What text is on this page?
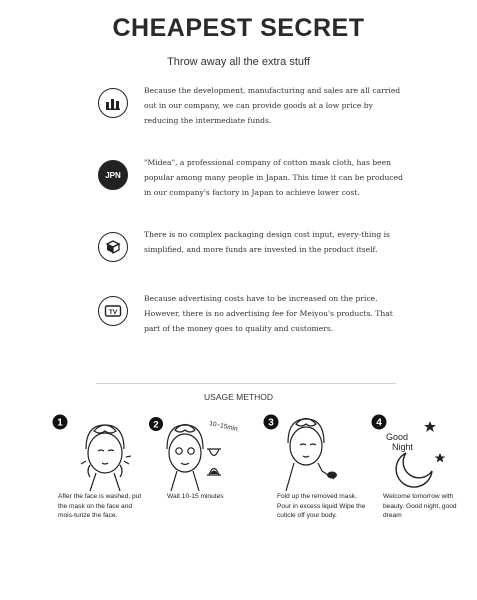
CHEAPEST SECRET
Throw away all the extra stuff
Because the development, manufacturing and sales are all carried out in our company, we can provide goods at a low price by reducing the intermediate funds.
JPN
"Midea", a professional company of cotton mask cloth, has been popular among many people in Japan. This time it can be produced in our company's factory in Japan to achieve lower cost.
There is no complex packaging design cost input, every-thing is simplified, and more funds are invested in the product itself.
TV
Because advertising costs have to be increased on the price. However, there is no advertising fee for Meiyou's products. That part of the money goes to quality and customers.
USAGE METHOD
1
After the face is washed, put the mask on the face and mois-turize the face.
2	10~15min.
Wait 10-15 minutes
3
Fold up the removed mask. Pour in excess liquid Wipe the cuticle off your body.
4
Good
Night
Welcome tomorrow with beauty. Good night, good dream
